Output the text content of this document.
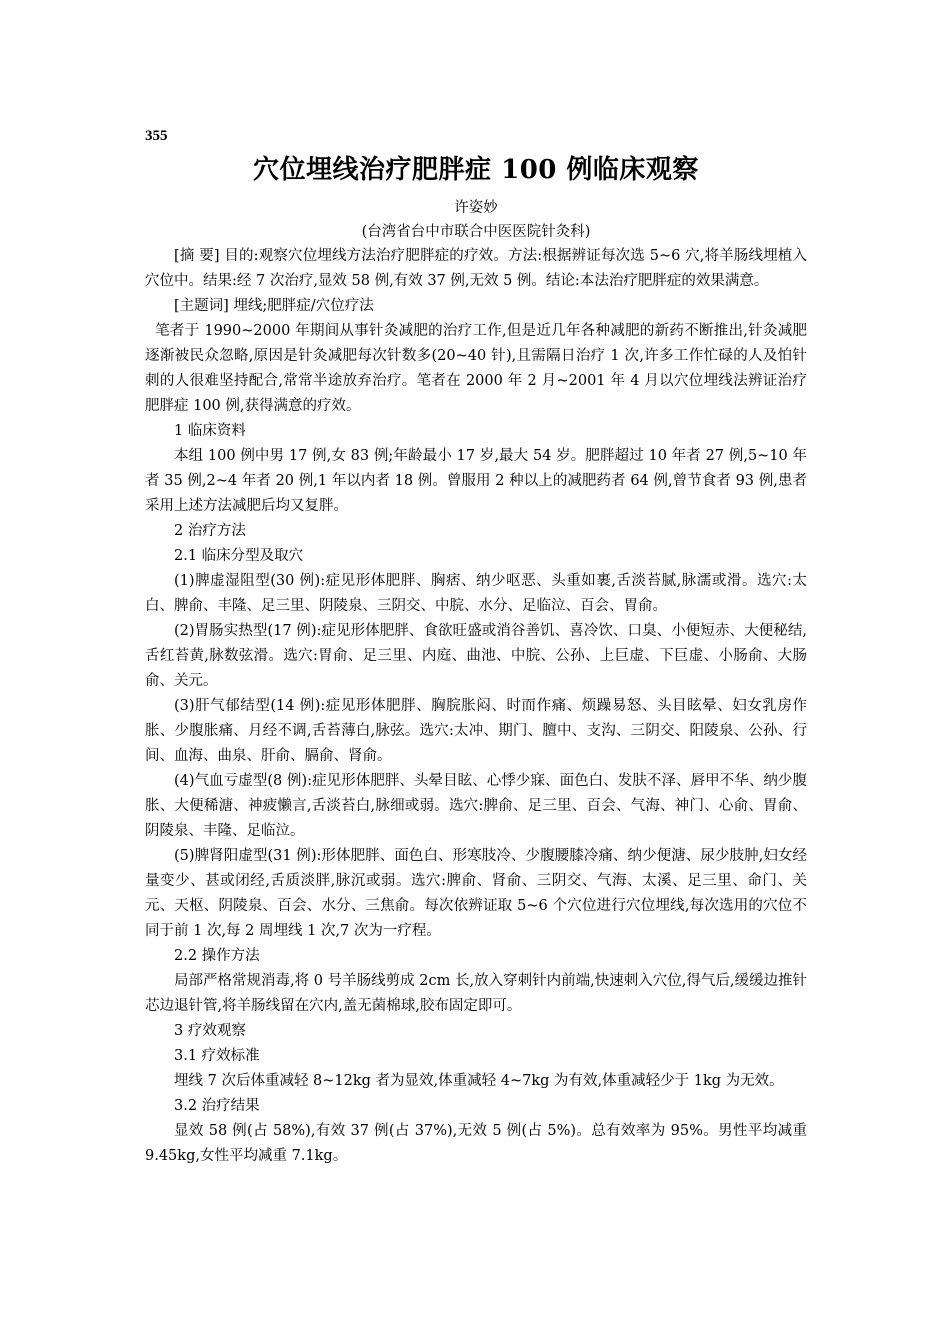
355
穴位埋线治疗肥胖症 100 例临床观察

许姿妙

(台湾省台中市联合中医医院针灸科)

[摘 要] 目的:观察穴位埋线方法治疗肥胖症的疗效。方法:根据辨证每次选 5~6 穴,将羊肠线埋植入穴位中。结果:经 7 次治疗,显效 58 例,有效 37 例,无效 5 例。结论:本法治疗肥胖症的效果满意。

[主题词] 埋线;肥胖症/穴位疗法

笔者于 1990~2000 年期间从事针灸减肥的治疗工作,但是近几年各种减肥的新药不断推出,针灸减肥逐渐被民众忽略,原因是针灸减肥每次针数多(20~40 针),且需隔日治疗 1 次,许多工作忙碌的人及怕针刺的人很难坚持配合,常常半途放弃治疗。笔者在 2000 年 2 月~2001 年 4 月以穴位埋线法辨证治疗肥胖症 100 例,获得满意的疗效。

1 临床资料

本组 100 例中男 17 例,女 83 例;年龄最小 17 岁,最大 54 岁。肥胖超过 10 年者 27 例,5~10 年者 35 例,2~4 年者 20 例,1 年以内者 18 例。曾服用 2 种以上的减肥药者 64 例,曾节食者 93 例,患者采用上述方法减肥后均又复胖。

2 治疗方法

2.1 临床分型及取穴

(1)脾虚湿阻型(30 例):症见形体肥胖、胸痞、纳少呕恶、头重如裹,舌淡苔腻,脉濡或滑。选穴:太白、脾俞、丰隆、足三里、阴陵泉、三阴交、中脘、水分、足临泣、百会、胃俞。

(2)胃肠实热型(17 例):症见形体肥胖、食欲旺盛或消谷善饥、喜冷饮、口臭、小便短赤、大便秘结,舌红苔黄,脉数弦滑。选穴:胃俞、足三里、内庭、曲池、中脘、公孙、上巨虚、下巨虚、小肠俞、大肠俞、关元。

(3)肝气郁结型(14 例):症见形体肥胖、胸脘胀闷、时而作痛、烦躁易怒、头目眩晕、妇女乳房作胀、少腹胀痛、月经不调,舌苔薄白,脉弦。选穴:太冲、期门、膻中、支沟、三阴交、阳陵泉、公孙、行间、血海、曲泉、肝俞、膈俞、肾俞。

(4)气血亏虚型(8 例):症见形体肥胖、头晕目眩、心悸少寐、面色白、发肤不泽、唇甲不华、纳少腹胀、大便稀溏、神疲懒言,舌淡苔白,脉细或弱。选穴:脾俞、足三里、百会、气海、神门、心俞、胃俞、阴陵泉、丰隆、足临泣。

(5)脾肾阳虚型(31 例):形体肥胖、面色白、形寒肢冷、少腹腰膝冷痛、纳少便溏、尿少肢肿,妇女经量变少、甚或闭经,舌质淡胖,脉沉或弱。选穴:脾俞、肾俞、三阴交、气海、太溪、足三里、命门、关元、天枢、阴陵泉、百会、水分、三焦俞。每次依辨证取 5~6 个穴位进行穴位埋线,每次选用的穴位不同于前 1 次,每 2 周埋线 1 次,7 次为一疗程。

2.2 操作方法

局部严格常规消毒,将 0 号羊肠线剪成 2cm 长,放入穿刺针内前端,快速刺入穴位,得气后,缓缓边推针芯边退针管,将羊肠线留在穴内,盖无菌棉球,胶布固定即可。

3 疗效观察

3.1 疗效标准

埋线 7 次后体重减轻 8~12kg 者为显效,体重减轻 4~7kg 为有效,体重减轻少于 1kg 为无效。

3.2 治疗结果

显效 58 例(占 58%),有效 37 例(占 37%),无效 5 例(占 5%)。总有效率为 95%。男性平均减重 9.45kg,女性平均减重 7.1kg。
